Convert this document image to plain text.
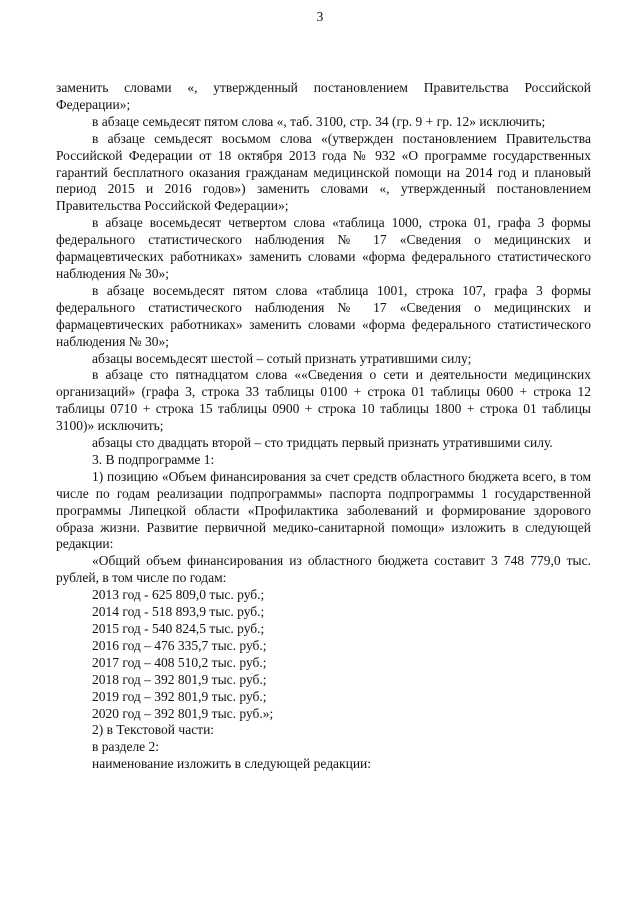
3

заменить словами «, утвержденный постановлением Правительства Российской Федерации»;

в абзаце семьдесят пятом слова «, таб. 3100, стр. 34 (гр. 9 + гр. 12» исключить;

в абзаце семьдесят восьмом слова «(утвержден постановлением Правительства Российской Федерации от 18 октября 2013 года № 932 «О программе государственных гарантий бесплатного оказания гражданам медицинской помощи на 2014 год и плановый период 2015 и 2016 годов») заменить словами «, утвержденный постановлением Правительства Российской Федерации»;

в абзаце восемьдесят четвертом слова «таблица 1000, строка 01, графа 3 формы федерального статистического наблюдения № 17 «Сведения о медицинских и фармацевтических работниках» заменить словами «форма федерального статистического наблюдения № 30»;

в абзаце восемьдесят пятом слова «таблица 1001, строка 107, графа 3 формы федерального статистического наблюдения № 17 «Сведения о медицинских и фармацевтических работниках» заменить словами «форма федерального статистического наблюдения № 30»;

абзацы восемьдесят шестой – сотый признать утратившими силу;

в абзаце сто пятнадцатом слова ««Сведения о сети и деятельности медицинских организаций» (графа 3, строка 33 таблицы 0100 + строка 01 таблицы 0600 + строка 12 таблицы 0710 + строка 15 таблицы 0900 + строка 10 таблицы 1800 + строка 01 таблицы 3100)» исключить;

абзацы сто двадцать второй – сто тридцать первый признать утратившими силу.

3. В подпрограмме 1:

1) позицию «Объем финансирования за счет средств областного бюджета всего, в том числе по годам реализации подпрограммы» паспорта подпрограммы 1 государственной программы Липецкой области «Профилактика заболеваний и формирование здорового образа жизни. Развитие первичной медико-санитарной помощи» изложить в следующей редакции:

«Общий объем финансирования из областного бюджета составит 3 748 779,0 тыс. рублей, в том числе по годам:

2013 год - 625 809,0 тыс. руб.;
2014 год - 518 893,9 тыс. руб.;
2015 год - 540 824,5 тыс. руб.;
2016 год – 476 335,7 тыс. руб.;
2017 год – 408 510,2 тыс. руб.;
2018 год – 392 801,9 тыс. руб.;
2019 год – 392 801,9 тыс. руб.;
2020 год – 392 801,9 тыс. руб.»;

2) в Текстовой части:

в разделе 2:

наименование изложить в следующей редакции:
